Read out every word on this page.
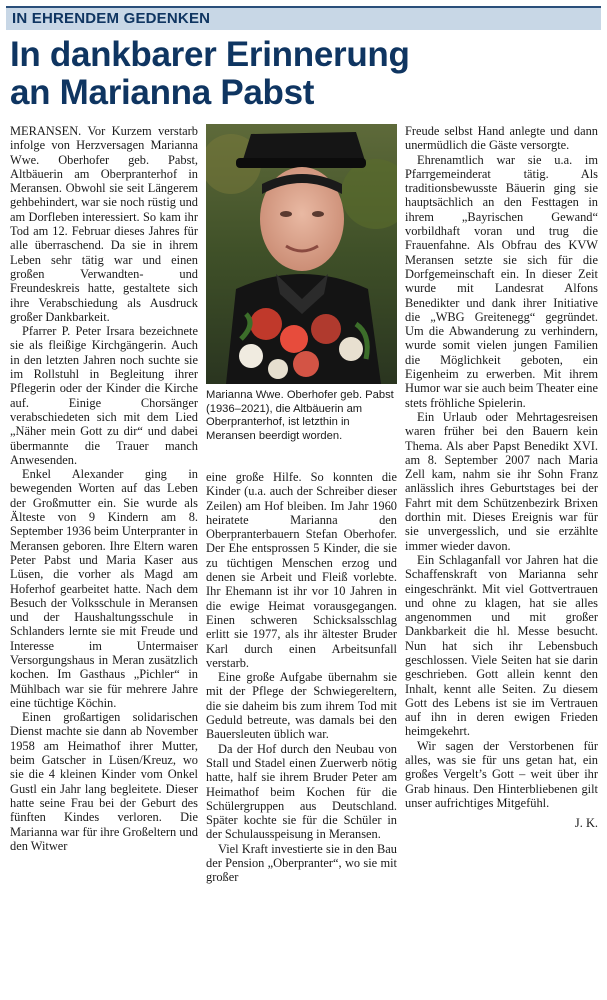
IN EHRENDEM GEDENKEN
In dankbarer Erinnerung
an Marianna Pabst

MERANSEN. Vor Kurzem verstarb infolge von Herzversagen Marianna Wwe. Oberhofer geb. Pabst, Altbäuerin am Oberpranterhof in Meransen. Obwohl sie seit Längerem gehbehindert, war sie noch rüstig und am Dorfleben interessiert. So kam ihr Tod am 12. Februar dieses Jahres für alle überraschend. Da sie in ihrem Leben sehr tätig war und einen großen Verwandten- und Freundeskreis hatte, gestaltete sich ihre Verabschiedung als Ausdruck großer Dankbarkeit.

Pfarrer P. Peter Irsara bezeichnete sie als fleißige Kirchgängerin. Auch in den letzten Jahren noch suchte sie im Rollstuhl in Begleitung ihrer Pflegerin oder der Kinder die Kirche auf. Einige Chorsänger verabschiedeten sich mit dem Lied „Näher mein Gott zu dir“ und dabei übermannte die Trauer manch Anwesenden.

Enkel Alexander ging in bewegenden Worten auf das Leben der Großmutter ein. Sie wurde als Älteste von 9 Kindern am 8. September 1936 beim Unterpranter in Meransen geboren. Ihre Eltern waren Peter Pabst und Maria Kaser aus Lüsen, die vorher als Magd am Hoferhof gearbeitet hatte. Nach dem Besuch der Volksschule in Meransen und der Haushaltungsschule in Schlanders lernte sie mit Freude und Interesse im Untermaiser Versorgungshaus in Meran zusätzlich kochen. Im Gasthaus „Pichler“ in Mühlbach war sie für mehrere Jahre eine tüchtige Köchin.

Einen großartigen solidarischen Dienst machte sie dann ab November 1958 am Heimathof ihrer Mutter, beim Gatscher in Lüsen/Kreuz, wo sie die 4 kleinen Kinder vom Onkel Gustl ein Jahr lang begleitete. Dieser hatte seine Frau bei der Geburt des fünften Kindes verloren. Die Marianna war für ihre Großeltern und den Witwer

Marianna Wwe. Oberhofer geb. Pabst (1936–2021), die Altbäuerin am Oberpranterhof, ist letzthin in Meransen beerdigt worden.

eine große Hilfe. So konnten die Kinder (u.a. auch der Schreiber dieser Zeilen) am Hof bleiben. Im Jahr 1960 heiratete Marianna den Oberpranterbauern Stefan Oberhofer. Der Ehe entsprossen 5 Kinder, die sie zu tüchtigen Menschen erzog und denen sie Arbeit und Fleiß vorlebte. Ihr Ehemann ist ihr vor 10 Jahren in die ewige Heimat vorausgegangen. Einen schweren Schicksalsschlag erlitt sie 1977, als ihr ältester Bruder Karl durch einen Arbeitsunfall verstarb.

Eine große Aufgabe übernahm sie mit der Pflege der Schwiegereltern, die sie daheim bis zum ihrem Tod mit Geduld betreute, was damals bei den Bauersleuten üblich war.

Da der Hof durch den Neubau von Stall und Stadel einen Zuerwerb nötig hatte, half sie ihrem Bruder Peter am Heimathof beim Kochen für die Schülergruppen aus Deutschland. Später kochte sie für die Schüler in der Schulausspeisung in Meransen.

Viel Kraft investierte sie in den Bau der Pension „Oberpranter“, wo sie mit großer

Freude selbst Hand anlegte und dann unermüdlich die Gäste versorgte.

Ehrenamtlich war sie u.a. im Pfarrgemeinderat tätig. Als traditionsbewusste Bäuerin ging sie hauptsächlich an den Festtagen in ihrem „Bayrischen Gewand“ vorbildhaft voran und trug die Frauenfahne. Als Obfrau des KVW Meransen setzte sie sich für die Dorfgemeinschaft ein. In dieser Zeit wurde mit Landesrat Alfons Benedikter und dank ihrer Initiative die „WBG Greitenegg“ gegründet. Um die Abwanderung zu verhindern, wurde somit vielen jungen Familien die Möglichkeit geboten, ein Eigenheim zu erwerben. Mit ihrem Humor war sie auch beim Theater eine stets fröhliche Spielerin.

Ein Urlaub oder Mehrtagesreisen waren früher bei den Bauern kein Thema. Als aber Papst Benedikt XVI. am 8. September 2007 nach Maria Zell kam, nahm sie ihr Sohn Franz anlässlich ihres Geburtstages bei der Fahrt mit dem Schützenbezirk Brixen dorthin mit. Dieses Ereignis war für sie unvergesslich, und sie erzählte immer wieder davon.

Ein Schlaganfall vor Jahren hat die Schaffenskraft von Marianna sehr eingeschränkt. Mit viel Gottvertrauen und ohne zu klagen, hat sie alles angenommen und mit großer Dankbarkeit die hl. Messe besucht. Nun hat sich ihr Lebensbuch geschlossen. Viele Seiten hat sie darin geschrieben. Gott allein kennt den Inhalt, kennt alle Seiten. Zu diesem Gott des Lebens ist sie im Vertrauen auf ihn in deren ewigen Frieden heimgekehrt.

Wir sagen der Verstorbenen für alles, was sie für uns getan hat, ein großes Vergelt’s Gott – weit über ihr Grab hinaus. Den Hinterbliebenen gilt unser aufrichtiges Mitgefühl.

J. K.
